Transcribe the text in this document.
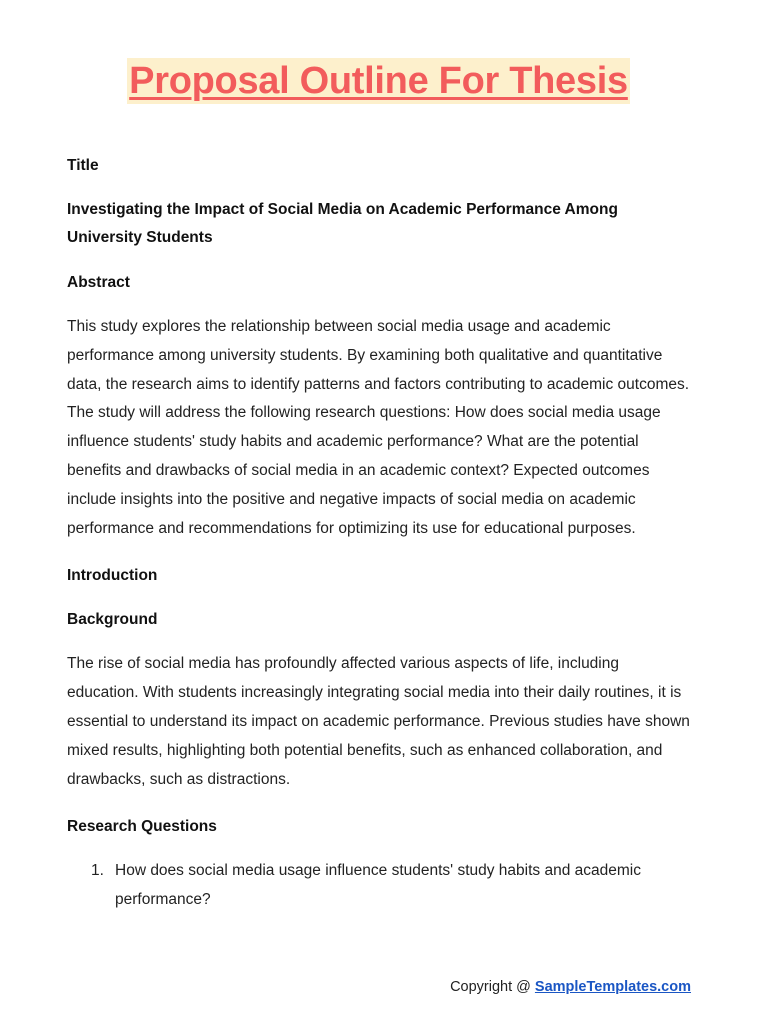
Proposal Outline For Thesis

Title

Investigating the Impact of Social Media on Academic Performance Among University Students

Abstract

This study explores the relationship between social media usage and academic performance among university students. By examining both qualitative and quantitative data, the research aims to identify patterns and factors contributing to academic outcomes. The study will address the following research questions: How does social media usage influence students' study habits and academic performance? What are the potential benefits and drawbacks of social media in an academic context? Expected outcomes include insights into the positive and negative impacts of social media on academic performance and recommendations for optimizing its use for educational purposes.

Introduction

Background

The rise of social media has profoundly affected various aspects of life, including education. With students increasingly integrating social media into their daily routines, it is essential to understand its impact on academic performance. Previous studies have shown mixed results, highlighting both potential benefits, such as enhanced collaboration, and drawbacks, such as distractions.

Research Questions

1. How does social media usage influence students' study habits and academic performance?
Copyright @ SampleTemplates.com
